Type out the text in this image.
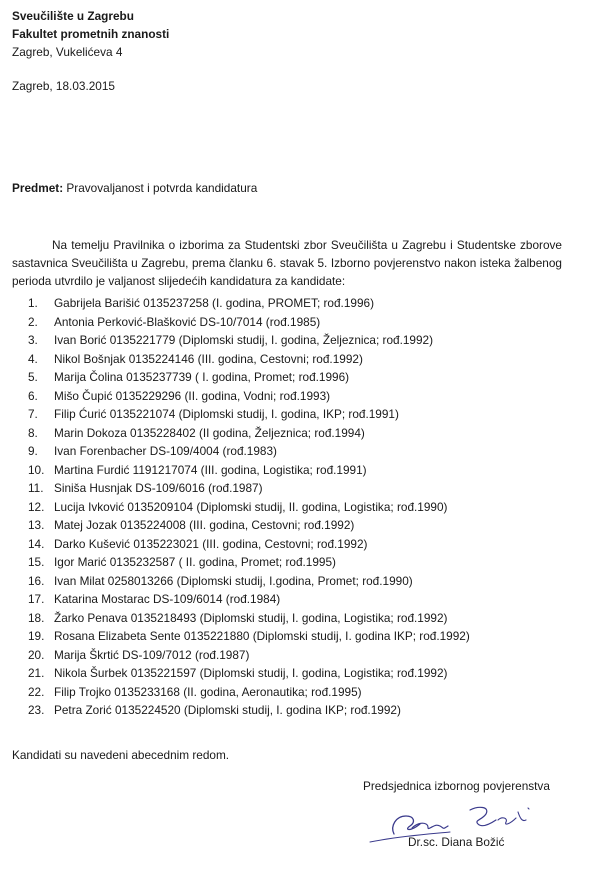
Sveučilište u Zagrebu
Fakultet prometnih znanosti
Zagreb, Vukelićeva 4
Zagreb, 18.03.2015
Predmet: Pravovaljanost i potvrda kandidatura
Na temelju Pravilnika o izborima za Studentski zbor Sveučilišta u Zagrebu i Studentske zborove sastavnica Sveučilišta u Zagrebu, prema članku 6. stavak 5. Izborno povjerenstvo nakon isteka žalbenog perioda utvrdilo je valjanost slijedećih kandidatura za kandidate:
1.	Gabrijela Barišić 0135237258 (I. godina, PROMET; rođ.1996)
2.	Antonia Perković-Blašković DS-10/7014 (rođ.1985)
3.	Ivan Borić 0135221779 (Diplomski studij, I. godina, Željeznica; rođ.1992)
4.	Nikol Bošnjak 0135224146 (III. godina, Cestovni; rođ.1992)
5.	Marija Čolina 0135237739 ( I. godina, Promet; rođ.1996)
6.	Mišo Čupić 0135229296 (II. godina, Vodni; rođ.1993)
7.	Filip Ćurić 0135221074 (Diplomski studij, I. godina, IKP; rođ.1991)
8.	Marin Dokoza 0135228402 (II godina, Željeznica; rođ.1994)
9.	Ivan Forenbacher DS-109/4004 (rođ.1983)
10. Martina Furdić 1191217074 (III. godina, Logistika; rođ.1991)
11. Siniša Husnjak DS-109/6016 (rođ.1987)
12. Lucija Ivković 0135209104 (Diplomski studij, II. godina, Logistika; rođ.1990)
13. Matej Jozak 0135224008 (III. godina, Cestovni; rođ.1992)
14. Darko Kušević 0135223021 (III. godina, Cestovni; rođ.1992)
15. Igor Marić 0135232587 ( II. godina, Promet; rođ.1995)
16. Ivan Milat 0258013266 (Diplomski studij, I.godina, Promet; rođ.1990)
17. Katarina Mostarac DS-109/6014 (rođ.1984)
18. Žarko Penava 0135218493 (Diplomski studij, I. godina, Logistika; rođ.1992)
19. Rosana Elizabeta Sente 0135221880 (Diplomski studij, I. godina IKP; rođ.1992)
20. Marija Škrtić DS-109/7012 (rođ.1987)
21. Nikola Šurbek 0135221597 (Diplomski studij, I. godina, Logistika; rođ.1992)
22. Filip Trojko 0135233168 (II. godina, Aeronautika; rođ.1995)
23. Petra Zorić 0135224520 (Diplomski studij, I. godina IKP; rođ.1992)
Kandidati su navedeni abecednim redom.
Predsjednica izbornog povjerenstva
Dr.sc. Diana Božić
